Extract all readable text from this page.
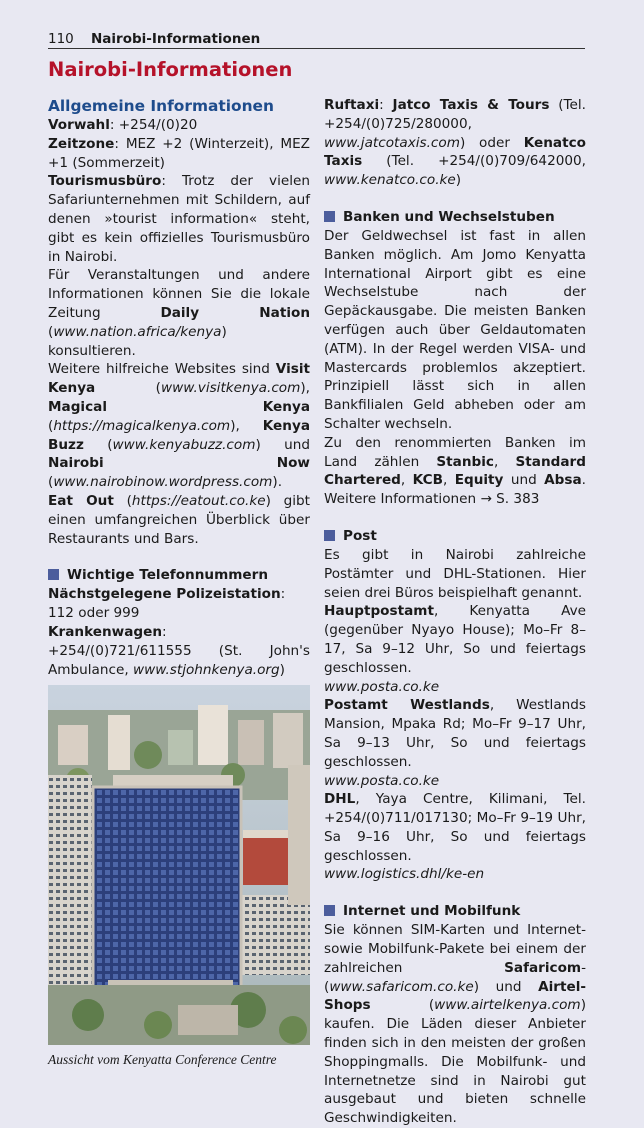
110 Nairobi-Informationen
Nairobi-Informationen
Allgemeine Informationen

Vorwahl: +254/(0)20

Zeitzone: MEZ +2 (Winterzeit), MEZ +1 (Sommerzeit)

Tourismusbüro: Trotz der vielen Safariunternehmen mit Schildern, auf denen »tourist information« steht, gibt es kein offizielles Tourismusbüro in Nairobi.

Für Veranstaltungen und andere Informationen können Sie die lokale Zeitung Daily Nation (www.nation.africa/kenya) konsultieren.

Weitere hilfreiche Websites sind Visit Kenya (www.visitkenya.com), Magical Kenya (https://magicalkenya.com), Kenya Buzz (www.kenyabuzz.com) und Nairobi Now (www.nairobinow.wordpress.com).

Eat Out (https://eatout.co.ke) gibt einen umfangreichen Überblick über Restaurants und Bars.

Wichtige Telefonnummern

Nächstgelegene Polizeistation:

112 oder 999

Krankenwagen: +254/(0)721/611555 (St. John's Ambulance, www.stjohnkenya.org)

Aussicht vom Kenyatta Conference Centre

Ruftaxi: Jatco Taxis & Tours (Tel. +254/(0)725/280000, www.jatcotaxis.com) oder Kenatco Taxis (Tel. +254/(0)709/642000, www.kenatco.co.ke)

Banken und Wechselstuben

Der Geldwechsel ist fast in allen Banken möglich. Am Jomo Kenyatta International Airport gibt es eine Wechselstube nach der Gepäckausgabe. Die meisten Banken verfügen auch über Geldautomaten (ATM). In der Regel werden VISA- und Mastercards problemlos akzeptiert. Prinzipiell lässt sich in allen Bankfilialen Geld abheben oder am Schalter wechseln.

Zu den renommierten Banken im Land zählen Stanbic, Standard Chartered, KCB, Equity und Absa. Weitere Informationen → S. 383

Post

Es gibt in Nairobi zahlreiche Postämter und DHL-Stationen. Hier seien drei Büros beispielhaft genannt.

Hauptpostamt, Kenyatta Ave (gegenüber Nyayo House); Mo–Fr 8–17, Sa 9–12 Uhr, So und feiertags geschlossen.

www.posta.co.ke

Postamt Westlands, Westlands Mansion, Mpaka Rd; Mo–Fr 9–17 Uhr, Sa 9–13 Uhr, So und feiertags geschlossen.

www.posta.co.ke

DHL, Yaya Centre, Kilimani, Tel. +254/(0)711/017130; Mo–Fr 9–19 Uhr, Sa 9–16 Uhr, So und feiertags geschlossen.

www.logistics.dhl/ke-en

Internet und Mobilfunk

Sie können SIM-Karten und Internet- sowie Mobilfunk-Pakete bei einem der zahlreichen Safaricom- (www.safaricom.co.ke) und Airtel-Shops (www.airtelkenya.com) kaufen. Die Läden dieser Anbieter finden sich in den meisten der großen Shoppingmalls. Die Mobilfunk- und Internetnetze sind in Nairobi gut ausgebaut und bieten schnelle Geschwindigkeiten.
